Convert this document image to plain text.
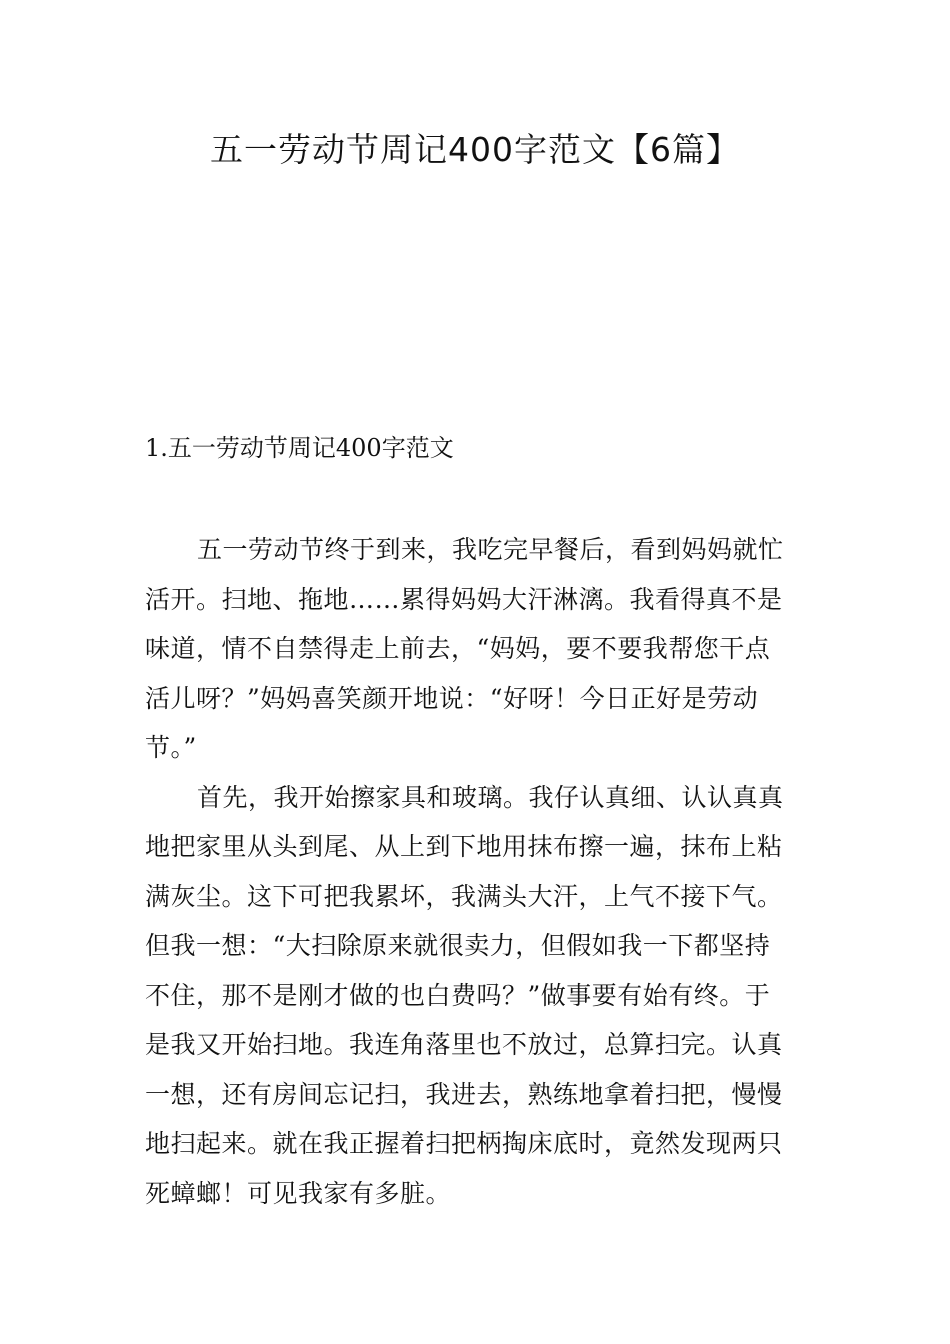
五一劳动节周记400字范文【6篇】
1.五一劳动节周记400字范文

五一劳动节终于到来，我吃完早餐后，看到妈妈就忙
活开。扫地、拖地……累得妈妈大汗淋漓。我看得真不是
味道，情不自禁得走上前去，“妈妈，要不要我帮您干点
活儿呀？”妈妈喜笑颜开地说：“好呀！今日正好是劳动
节。”

首先，我开始擦家具和玻璃。我仔认真细、认认真真
地把家里从头到尾、从上到下地用抹布擦一遍，抹布上粘
满灰尘。这下可把我累坏，我满头大汗，上气不接下气。
但我一想：“大扫除原来就很卖力，但假如我一下都坚持
不住，那不是刚才做的也白费吗？”做事要有始有终。于
是我又开始扫地。我连角落里也不放过，总算扫完。认真
一想，还有房间忘记扫，我进去，熟练地拿着扫把，慢慢
地扫起来。就在我正握着扫把柄掏床底时，竟然发现两只
死蟑螂！可见我家有多脏。
